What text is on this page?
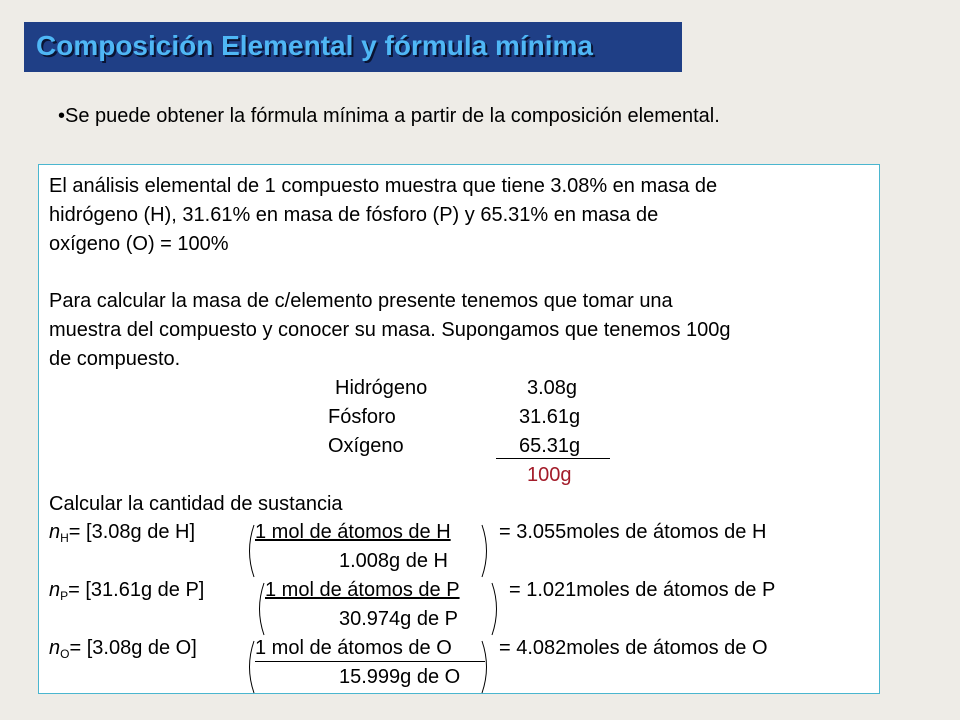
Composición Elemental y fórmula mínima
•Se puede obtener la fórmula mínima a partir de la composición elemental.
El análisis elemental de 1 compuesto muestra que tiene 3.08% en masa de
hidrógeno (H), 31.61% en masa de fósforo (P) y 65.31% en masa de
oxígeno (O) = 100%
Para calcular la masa de c/elemento presente tenemos que tomar una
muestra del compuesto y conocer su masa. Supongamos que tenemos 100g
de compuesto.
Hidrógeno	3.08g
Fósforo	31.61g
Oxígeno	65.31g
100g
Calcular la cantidad de sustancia
$n_H= [3.08g$ de H]	1 mol de átomos de H = 3.055moles de átomos de H
1.008g de H
$n_P= [31.61g$ de P]	1 mol de átomos de P = 1.021moles de átomos de P
30.974g de P
$n_O= [3.08g$ de O]	1 mol de átomos de O = 4.082moles de átomos de O
15.999g de O
